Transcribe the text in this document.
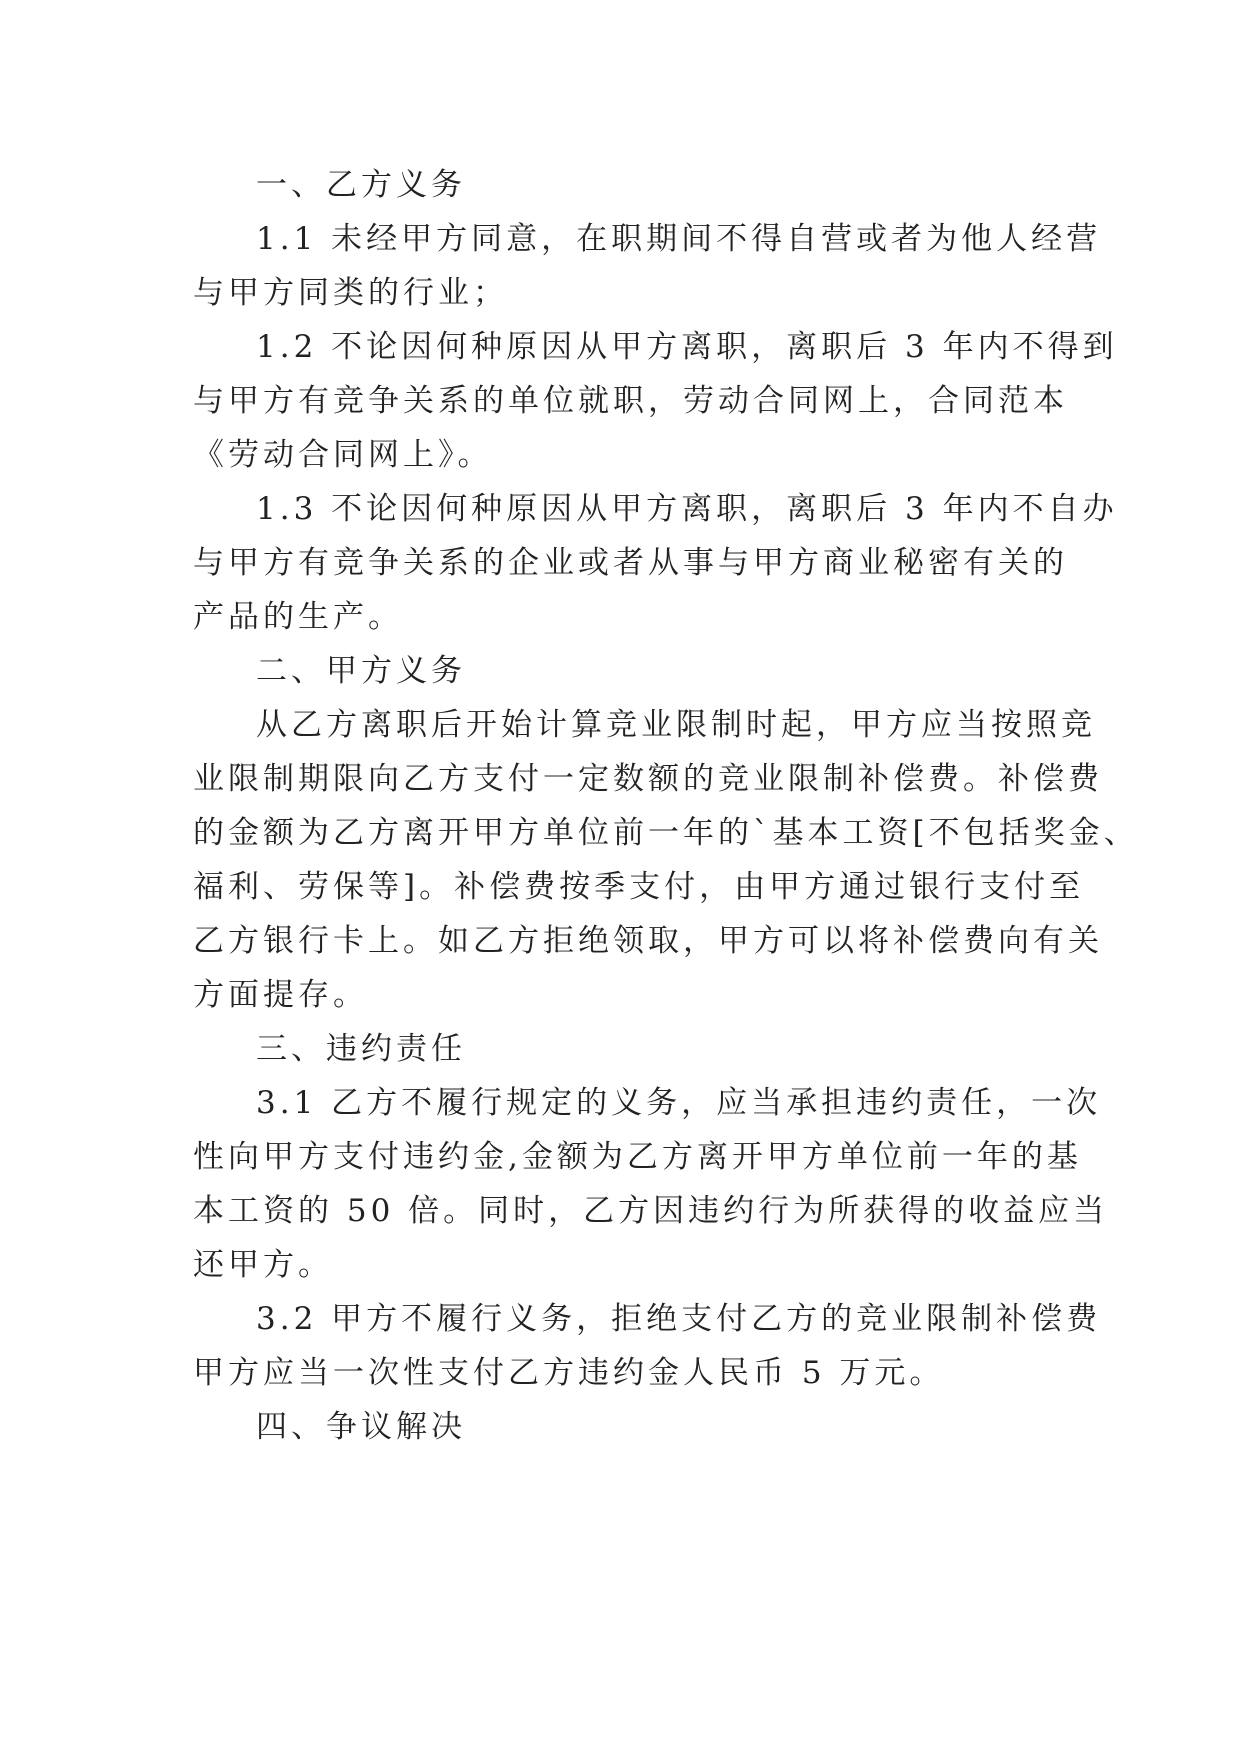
一、乙方义务
1.1 未经甲方同意，在职期间不得自营或者为他人经营
与甲方同类的行业；
1.2 不论因何种原因从甲方离职，离职后 3 年内不得到
与甲方有竞争关系的单位就职，劳动合同网上，合同范本
《劳动合同网上》。
1.3 不论因何种原因从甲方离职，离职后 3 年内不自办
与甲方有竞争关系的企业或者从事与甲方商业秘密有关的
产品的生产。
二、甲方义务
从乙方离职后开始计算竞业限制时起，甲方应当按照竞
业限制期限向乙方支付一定数额的竞业限制补偿费。补偿费
的金额为乙方离开甲方单位前一年的`基本工资[不包括奖金、
福利、劳保等]。补偿费按季支付，由甲方通过银行支付至
乙方银行卡上。如乙方拒绝领取，甲方可以将补偿费向有关
方面提存。
三、违约责任
3.1 乙方不履行规定的义务，应当承担违约责任，一次
性向甲方支付违约金,金额为乙方离开甲方单位前一年的基
本工资的 50 倍。同时，乙方因违约行为所获得的收益应当
还甲方。
3.2 甲方不履行义务，拒绝支付乙方的竞业限制补偿费
甲方应当一次性支付乙方违约金人民币 5 万元。
四、争议解决
